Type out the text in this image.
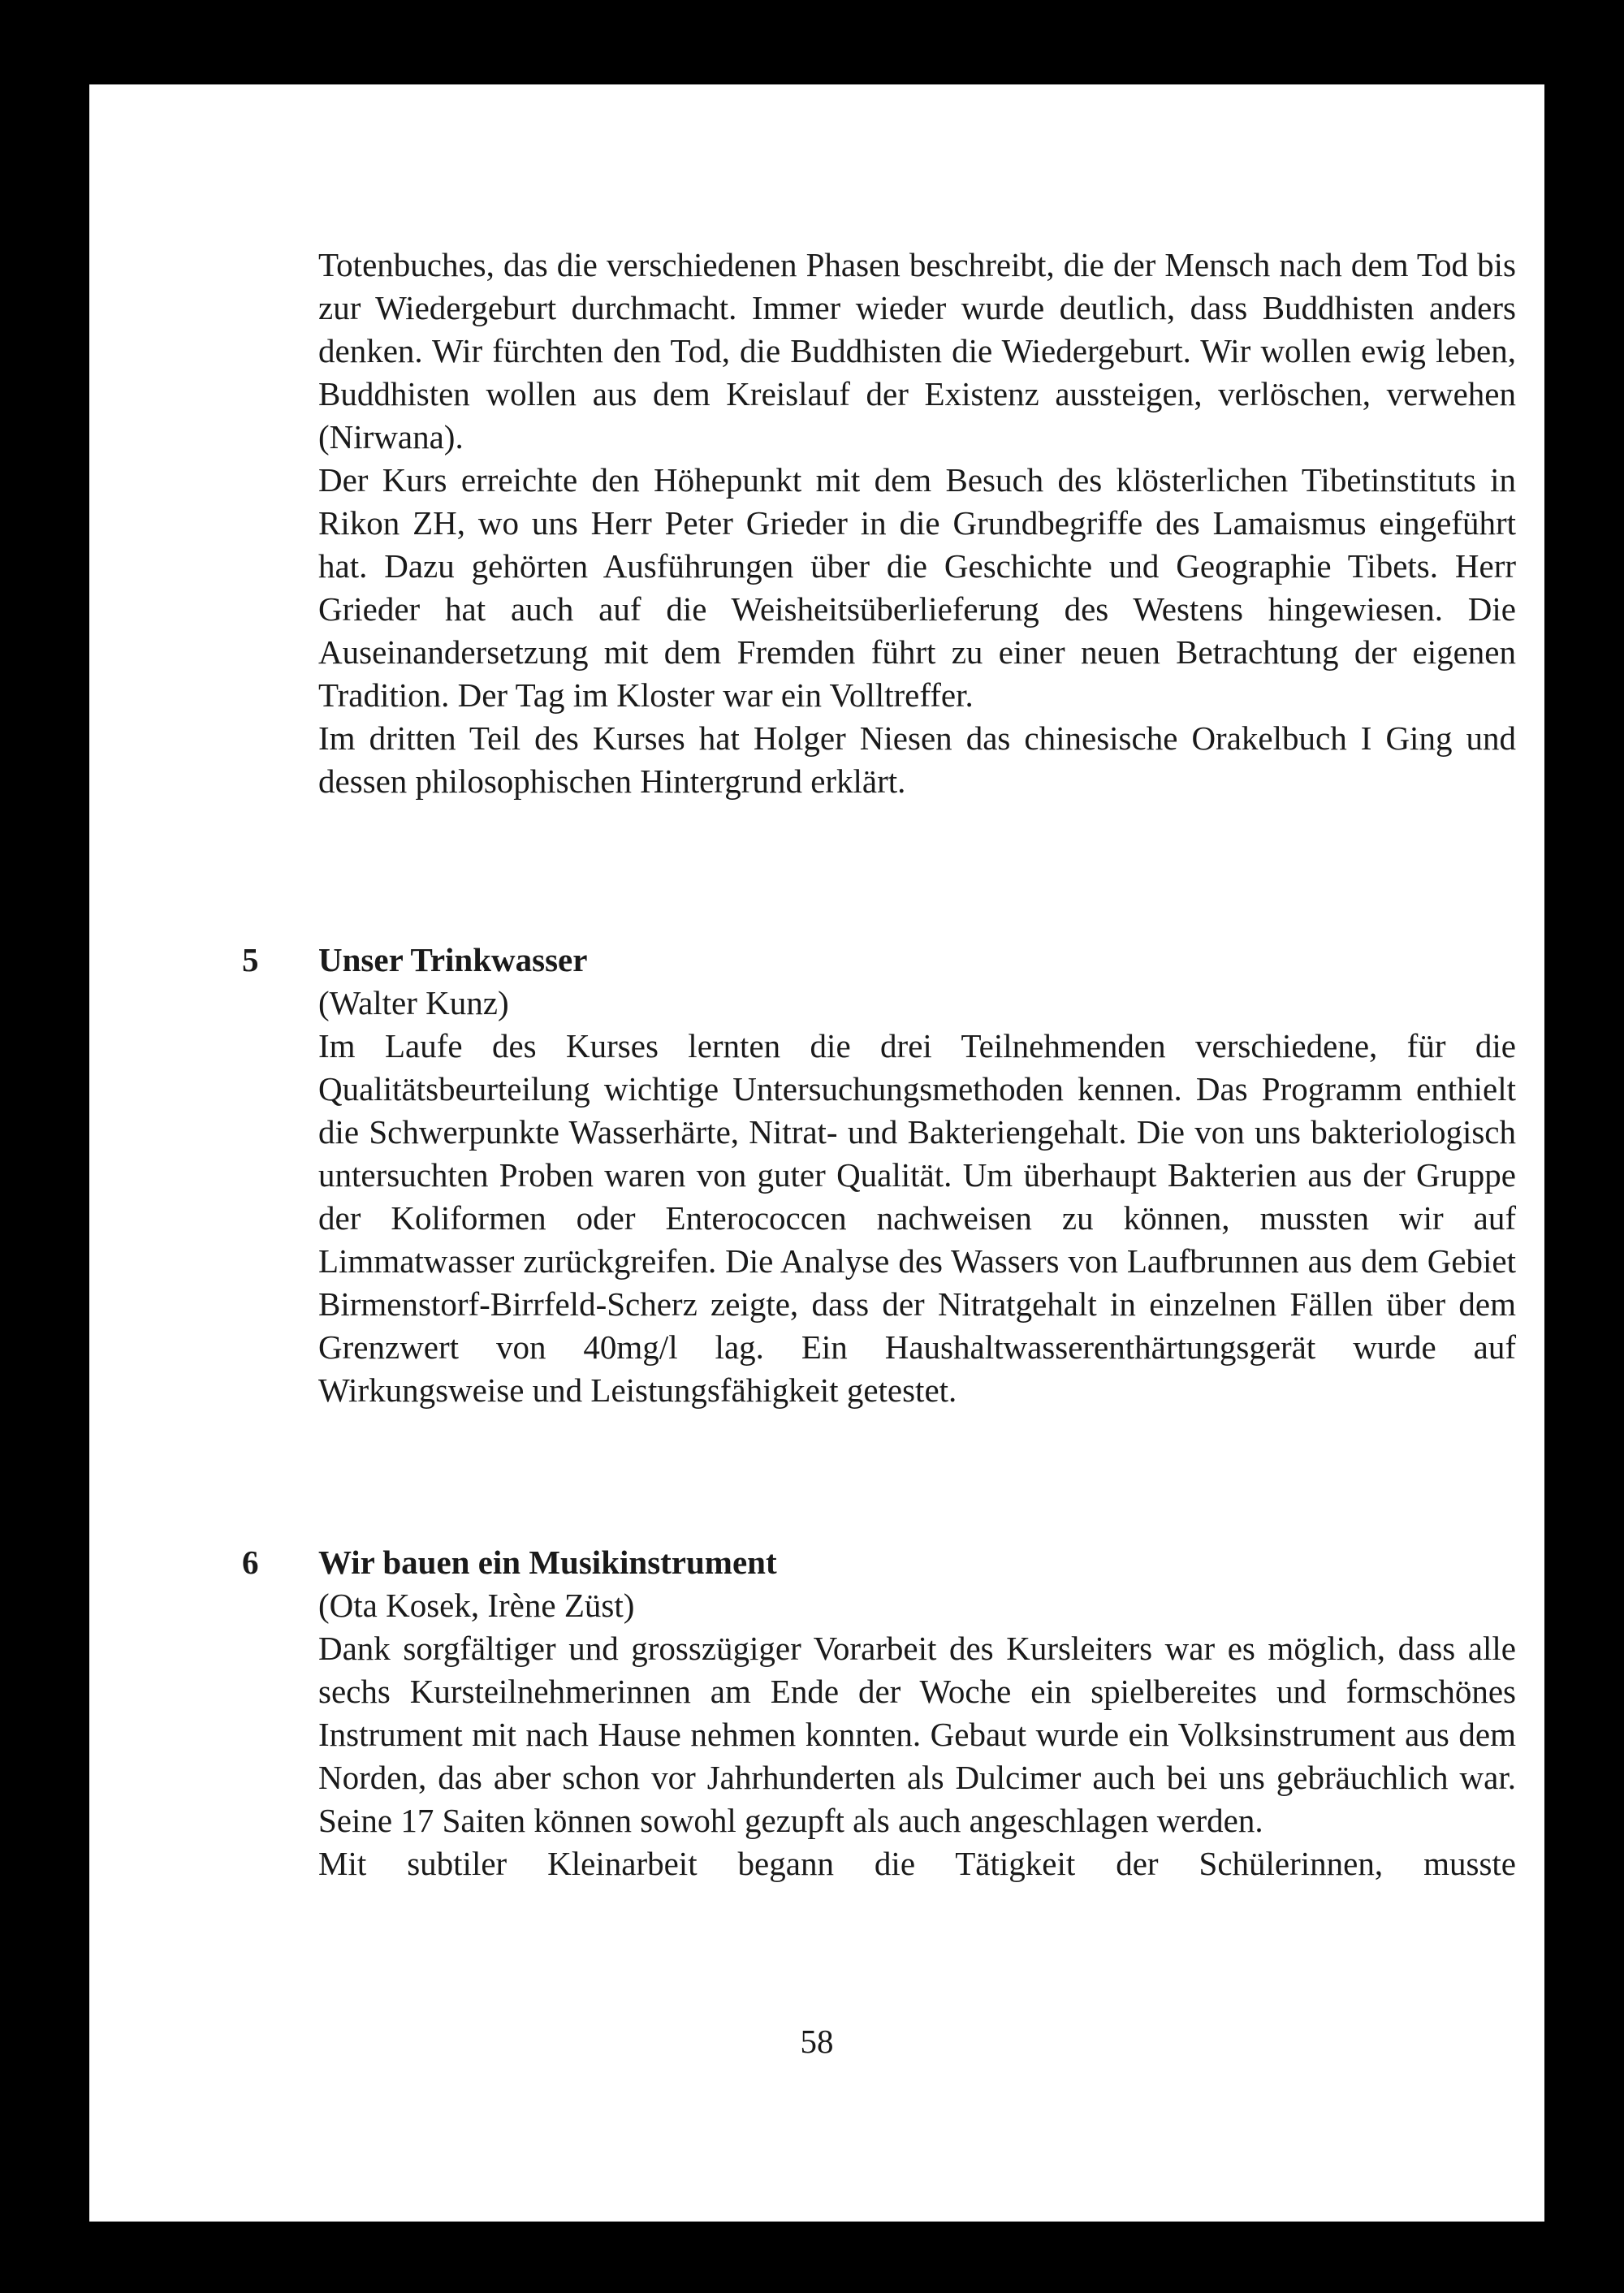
Totenbuches, das die verschiedenen Phasen beschreibt, die der Mensch nach dem Tod bis zur Wiedergeburt durchmacht. Immer wieder wurde deutlich, dass Buddhisten anders denken. Wir fürchten den Tod, die Buddhisten die Wiedergeburt. Wir wollen ewig leben, Buddhisten wollen aus dem Kreislauf der Existenz aussteigen, verlöschen, verwehen (Nirwana).

Der Kurs erreichte den Höhepunkt mit dem Besuch des klösterlichen Tibetinstituts in Rikon ZH, wo uns Herr Peter Grieder in die Grundbegriffe des Lamaismus eingeführt hat. Dazu gehörten Ausführungen über die Geschichte und Geographie Tibets. Herr Grieder hat auch auf die Weisheitsüberlieferung des Westens hingewiesen. Die Auseinandersetzung mit dem Fremden führt zu einer neuen Betrachtung der eigenen Tradition. Der Tag im Kloster war ein Volltreffer.

Im dritten Teil des Kurses hat Holger Niesen das chinesische Orakelbuch I Ging und dessen philosophischen Hintergrund erklärt.

5	Unser Trinkwasser

(Walter Kunz)

Im Laufe des Kurses lernten die drei Teilnehmenden verschiedene, für die Qualitätsbeurteilung wichtige Untersuchungsmethoden kennen. Das Programm enthielt die Schwerpunkte Wasserhärte, Nitrat- und Bakteriengehalt. Die von uns bakteriologisch untersuchten Proben waren von guter Qualität. Um überhaupt Bakterien aus der Gruppe der Koliformen oder Enterococcen nachweisen zu können, mussten wir auf Limmatwasser zurückgreifen. Die Analyse des Wassers von Laufbrunnen aus dem Gebiet Birmenstorf-Birrfeld-Scherz zeigte, dass der Nitratgehalt in einzelnen Fällen über dem Grenzwert von 40mg/l lag. Ein Haushaltwasserenthärtungsgerät wurde auf Wirkungsweise und Leistungsfähigkeit getestet.

6	Wir bauen ein Musikinstrument

(Ota Kosek, Irène Züst)

Dank sorgfältiger und grosszügiger Vorarbeit des Kursleiters war es möglich, dass alle sechs Kursteilnehmerinnen am Ende der Woche ein spielbereites und formschönes Instrument mit nach Hause nehmen konnten. Gebaut wurde ein Volksinstrument aus dem Norden, das aber schon vor Jahrhunderten als Dulcimer auch bei uns gebräuchlich war. Seine 17 Saiten können sowohl gezupft als auch angeschlagen werden.

Mit subtiler Kleinarbeit begann die Tätigkeit der Schülerinnen, musste

58
